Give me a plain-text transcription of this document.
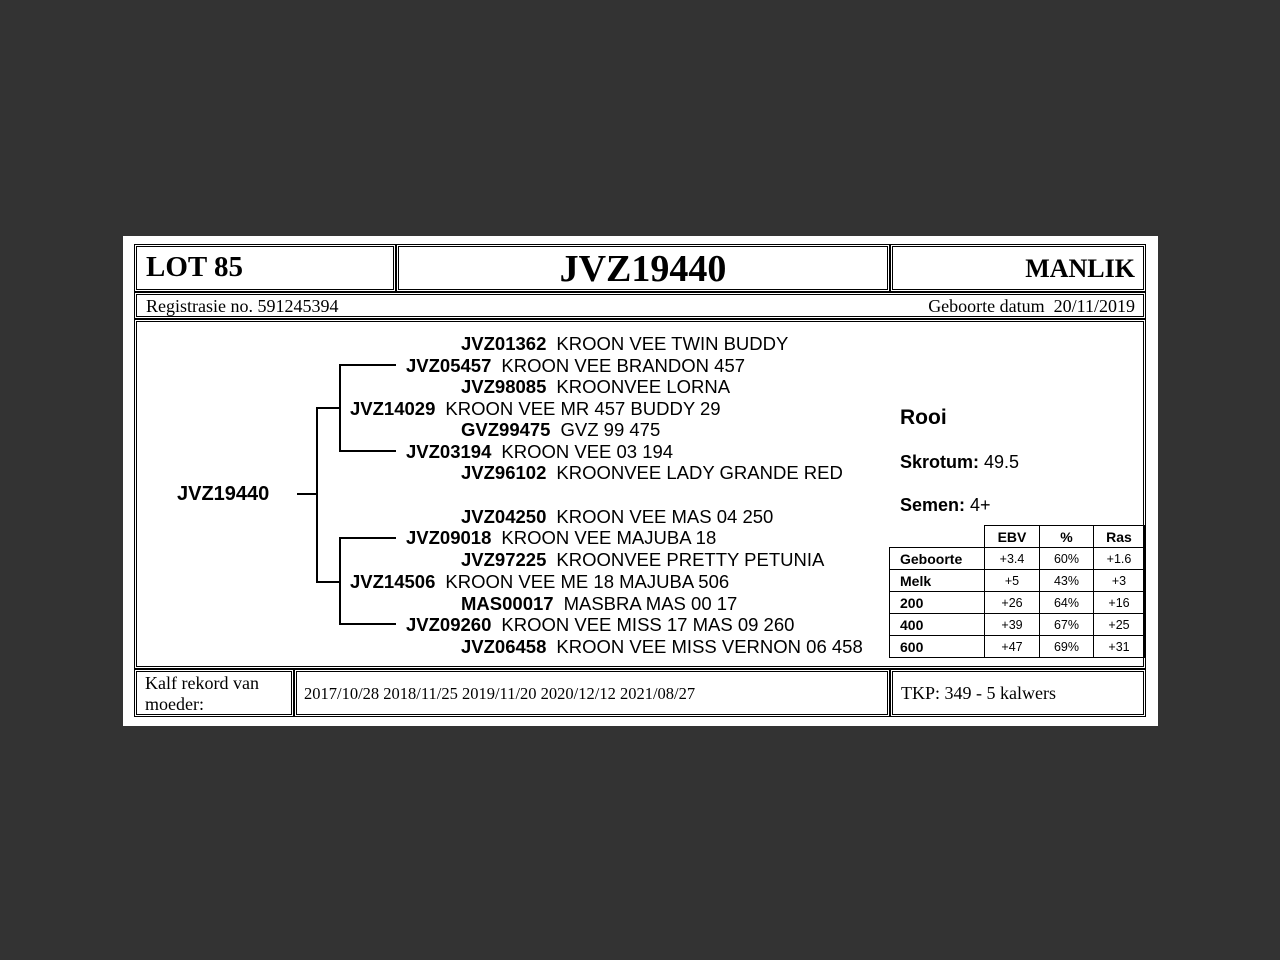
LOT 85	JVZ19440	MANLIK
Registrasie no. 591245394	Geboorte datum 20/11/2019
JVZ19440
JVZ01362 KROON VEE TWIN BUDDY
JVZ05457 KROON VEE BRANDON 457
JVZ98085 KROONVEE LORNA
JVZ14029 KROON VEE MR 457 BUDDY 29
GVZ99475 GVZ 99 475
JVZ03194 KROON VEE 03 194
JVZ96102 KROONVEE LADY GRANDE RED
JVZ04250 KROON VEE MAS 04 250
JVZ09018 KROON VEE MAJUBA 18
JVZ97225 KROONVEE PRETTY PETUNIA
JVZ14506 KROON VEE ME 18 MAJUBA 506
MAS00017 MASBRA MAS 00 17
JVZ09260 KROON VEE MISS 17 MAS 09 260
JVZ06458 KROON VEE MISS VERNON 06 458
Rooi
Skrotum: 49.5
Semen: 4+
	EBV	%	Ras
Geboorte	+3.4	60%	+1.6
Melk	+5	43%	+3
200	+26	64%	+16
400	+39	67%	+25
600	+47	69%	+31
Kalf rekord van
moeder:
2017/10/28 2018/11/25 2019/11/20 2020/12/12 2021/08/27	TKP: 349 - 5 kalwers
